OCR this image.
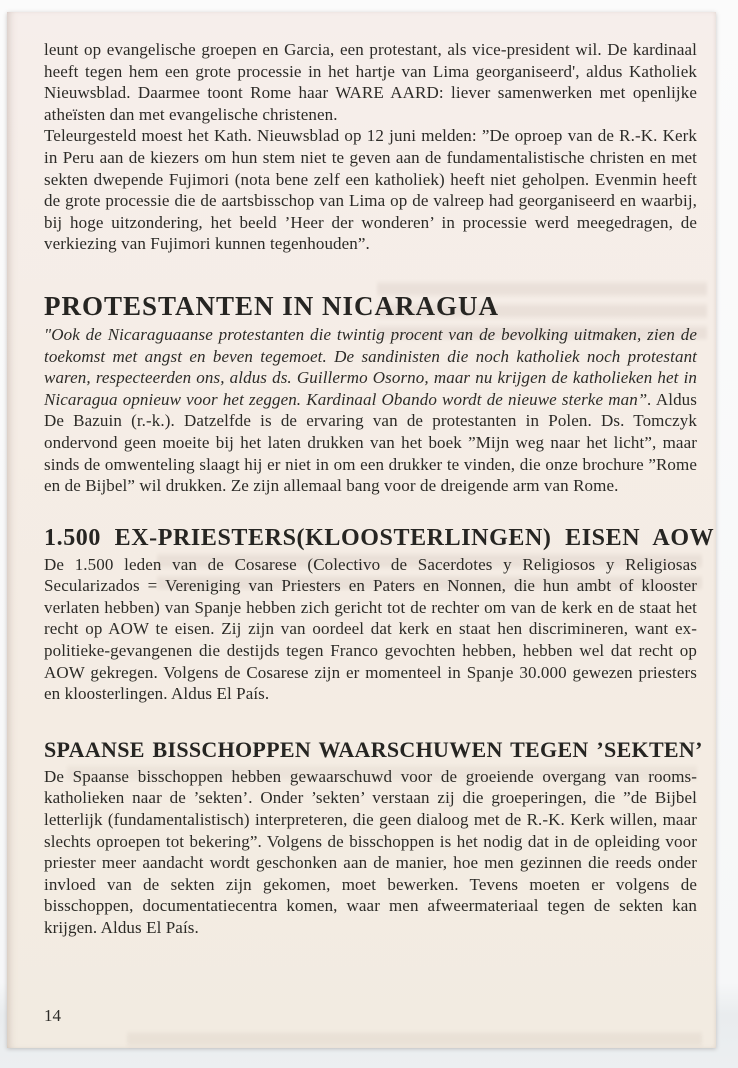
leunt op evangelische groepen en Garcia, een protestant, als vice-president wil. De kardinaal heeft tegen hem een grote processie in het hartje van Lima georganiseerd', aldus Katholiek Nieuwsblad. Daarmee toont Rome haar WARE AARD: liever samenwerken met openlijke atheïsten dan met evangelische christenen.

Teleurgesteld moest het Kath. Nieuwsblad op 12 juni melden: ”De oproep van de R.-K. Kerk in Peru aan de kiezers om hun stem niet te geven aan de fundamentalistische christen en met sekten dwepende Fujimori (nota bene zelf een katholiek) heeft niet geholpen. Evenmin heeft de grote processie die de aartsbisschop van Lima op de valreep had georganiseerd en waarbij, bij hoge uitzondering, het beeld ’Heer der wonderen’ in processie werd meegedragen, de verkiezing van Fujimori kunnen tegenhouden”.

PROTESTANTEN IN NICARAGUA

"Ook de Nicaraguaanse protestanten die twintig procent van de bevolking uitmaken, zien de toekomst met angst en beven tegemoet. De sandinisten die noch katholiek noch protestant waren, respecteerden ons, aldus ds. Guillermo Osorno, maar nu krijgen de katholieken het in Nicaragua opnieuw voor het zeggen. Kardinaal Obando wordt de nieuwe sterke man”. Aldus De Bazuin (r.-k.). Datzelfde is de ervaring van de protestanten in Polen. Ds. Tomczyk ondervond geen moeite bij het laten drukken van het boek ”Mijn weg naar het licht”, maar sinds de omwenteling slaagt hij er niet in om een drukker te vinden, die onze brochure ”Rome en de Bijbel” wil drukken. Ze zijn allemaal bang voor de dreigende arm van Rome.

1.500 EX-PRIESTERS(KLOOSTERLINGEN) EISEN AOW

De 1.500 leden van de Cosarese (Colectivo de Sacerdotes y Religiosos y Religiosas Secularizados = Vereniging van Priesters en Paters en Nonnen, die hun ambt of klooster verlaten hebben) van Spanje hebben zich gericht tot de rechter om van de kerk en de staat het recht op AOW te eisen. Zij zijn van oordeel dat kerk en staat hen discrimineren, want ex-politieke-gevangenen die destijds tegen Franco gevochten hebben, hebben wel dat recht op AOW gekregen. Volgens de Cosarese zijn er momenteel in Spanje 30.000 gewezen priesters en kloosterlingen. Aldus El País.

SPAANSE BISSCHOPPEN WAARSCHUWEN TEGEN ’SEKTEN’

De Spaanse bisschoppen hebben gewaarschuwd voor de groeiende overgang van rooms-katholieken naar de ’sekten’. Onder ’sekten’ verstaan zij die groeperingen, die ”de Bijbel letterlijk (fundamentalistisch) interpreteren, die geen dialoog met de R.-K. Kerk willen, maar slechts oproepen tot bekering”. Volgens de bisschoppen is het nodig dat in de opleiding voor priester meer aandacht wordt geschonken aan de manier, hoe men gezinnen die reeds onder invloed van de sekten zijn gekomen, moet bewerken. Tevens moeten er volgens de bisschoppen, documentatiecentra komen, waar men afweermateriaal tegen de sekten kan krijgen. Aldus El País.

14
